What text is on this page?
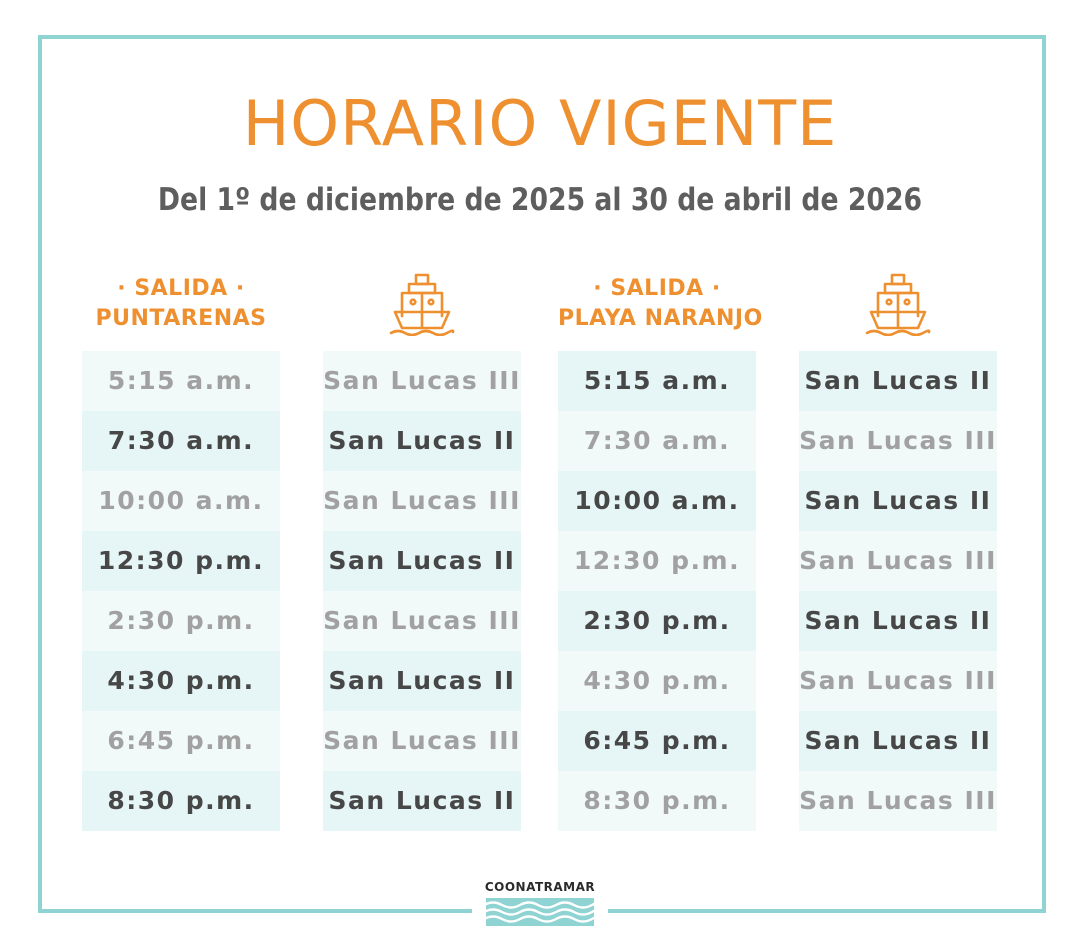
HORARIO VIGENTE
Del 1º de diciembre de 2025 al 30 de abril de 2026
· SALIDA ·
PUNTARENAS
5:15 a.m.
7:30 a.m.
10:00 a.m.
12:30 p.m.
2:30 p.m.
4:30 p.m.
6:45 p.m.
8:30 p.m.
San Lucas III
San Lucas II
San Lucas III
San Lucas II
San Lucas III
San Lucas II
San Lucas III
San Lucas II
· SALIDA ·
PLAYA NARANJO
5:15 a.m.
7:30 a.m.
10:00 a.m.
12:30 p.m.
2:30 p.m.
4:30 p.m.
6:45 p.m.
8:30 p.m.
San Lucas II
San Lucas III
San Lucas II
San Lucas III
San Lucas II
San Lucas III
San Lucas II
San Lucas III
COONATRAMAR
